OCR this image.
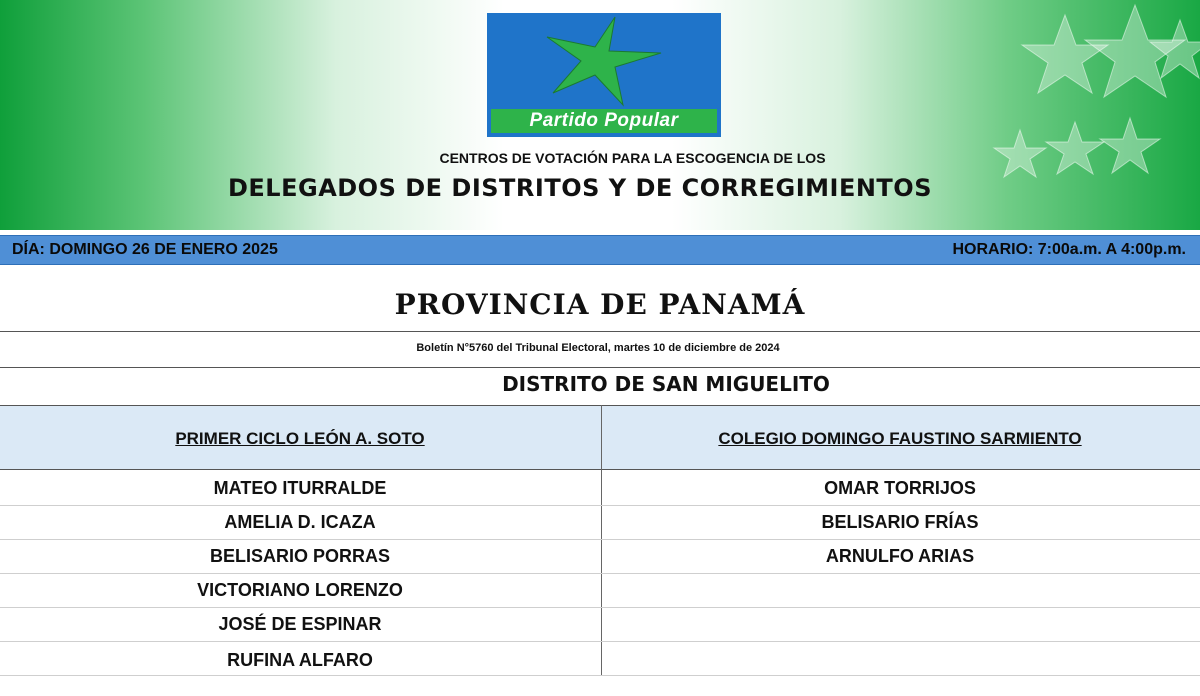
Partido Popular
CENTROS DE VOTACIÓN PARA LA ESCOGENCIA DE LOS
DELEGADOS DE DISTRITOS Y DE CORREGIMIENTOS
DÍA: DOMINGO 26 DE ENERO 2025	HORARIO: 7:00a.m. A 4:00p.m.
PROVINCIA DE PANAMÁ
Boletín N°5760 del Tribunal Electoral, martes 10 de diciembre de 2024
DISTRITO DE SAN MIGUELITO
PRIMER CICLO LEÓN A. SOTO	COLEGIO DOMINGO FAUSTINO SARMIENTO
MATEO ITURRALDE
AMELIA D. ICAZA
BELISARIO PORRAS
VICTORIANO LORENZO
JOSÉ DE ESPINAR
RUFINA ALFARO
OMAR TORRIJOS
BELISARIO FRÍAS
ARNULFO ARIAS
